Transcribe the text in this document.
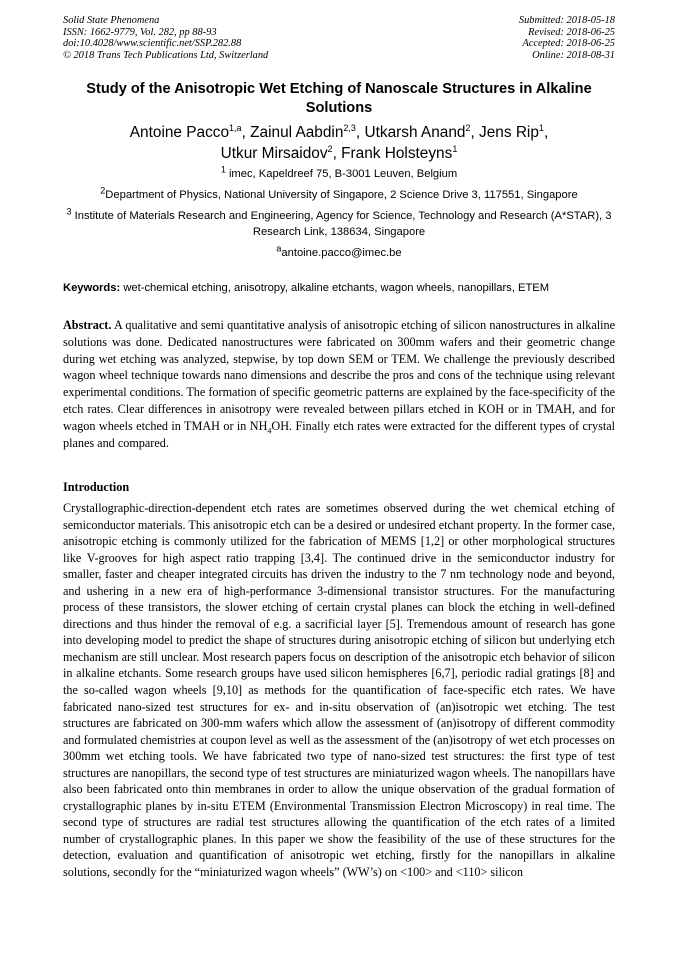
Solid State Phenomena
ISSN: 1662-9779, Vol. 282, pp 88-93
doi:10.4028/www.scientific.net/SSP.282.88
© 2018 Trans Tech Publications Ltd, Switzerland
Submitted: 2018-05-18
Revised: 2018-06-25
Accepted: 2018-06-25
Online: 2018-08-31
Study of the Anisotropic Wet Etching of Nanoscale Structures in Alkaline Solutions
Antoine Pacco$^{1,a}$, Zainul Aabdin$^{2,3}$, Utkarsh Anand$^2$, Jens Rip$^1$,
Utkur Mirsaidov$^2$, Frank Holsteyns$^1$
$^1$ imec, Kapeldreef 75, B-3001 Leuven, Belgium
$^2$Department of Physics, National University of Singapore, 2 Science Drive 3, 117551, Singapore
$^3$ Institute of Materials Research and Engineering, Agency for Science, Technology and Research (A*STAR), 3 Research Link, 138634, Singapore
$^a$antoine.pacco@imec.be
Keywords: wet-chemical etching, anisotropy, alkaline etchants, wagon wheels, nanopillars, ETEM
Abstract. A qualitative and semi quantitative analysis of anisotropic etching of silicon nanostructures in alkaline solutions was done. Dedicated nanostructures were fabricated on 300mm wafers and their geometric change during wet etching was analyzed, stepwise, by top down SEM or TEM. We challenge the previously described wagon wheel technique towards nano dimensions and describe the pros and cons of the technique using relevant experimental conditions. The formation of specific geometric patterns are explained by the face-specificity of the etch rates. Clear differences in anisotropy were revealed between pillars etched in KOH or in TMAH, and for wagon wheels etched in TMAH or in $NH_4OH$. Finally etch rates were extracted for the different types of crystal planes and compared.
Introduction
Crystallographic-direction-dependent etch rates are sometimes observed during the wet chemical etching of semiconductor materials. This anisotropic etch can be a desired or undesired etchant property. In the former case, anisotropic etching is commonly utilized for the fabrication of MEMS [1,2] or other morphological structures like V-grooves for high aspect ratio trapping [3,4]. The continued drive in the semiconductor industry for smaller, faster and cheaper integrated circuits has driven the industry to the 7 nm technology node and beyond, and ushering in a new era of high-performance 3-dimensional transistor structures. For the manufacturing process of these transistors, the slower etching of certain crystal planes can block the etching in well-defined directions and thus hinder the removal of e.g. a sacrificial layer [5]. Tremendous amount of research has gone into developing model to predict the shape of structures during anisotropic etching of silicon but underlying etch mechanism are still unclear. Most research papers focus on description of the anisotropic etch behavior of silicon in alkaline etchants. Some research groups have used silicon hemispheres [6,7], periodic radial gratings [8] and the so-called wagon wheels [9,10] as methods for the quantification of face-specific etch rates. We have fabricated nano-sized test structures for ex- and in-situ observation of (an)isotropic wet etching. The test structures are fabricated on 300-mm wafers which allow the assessment of (an)isotropy of different commodity and formulated chemistries at coupon level as well as the assessment of the (an)isotropy of wet etch processes on 300mm wet etching tools. We have fabricated two type of nano-sized test structures: the first type of test structures are nanopillars, the second type of test structures are miniaturized wagon wheels. The nanopillars have also been fabricated onto thin membranes in order to allow the unique observation of the gradual formation of crystallographic planes by in-situ ETEM (Environmental Transmission Electron Microscopy) in real time. The second type of structures are radial test structures allowing the quantification of the etch rates of a limited number of crystallographic planes. In this paper we show the feasibility of the use of these structures for the detection, evaluation and quantification of anisotropic wet etching, firstly for the nanopillars in alkaline solutions, secondly for the “miniaturized wagon wheels” (WW’s) on <100> and <110> silicon
